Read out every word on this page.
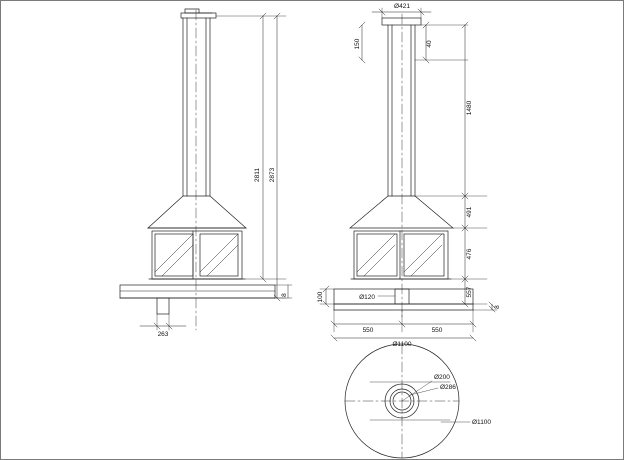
2811 2873
8
263
Ø421
150	40
1480
491
476
557
8
100	Ø120
550	550
Ø1100
Ø200
Ø286
Ø1100
